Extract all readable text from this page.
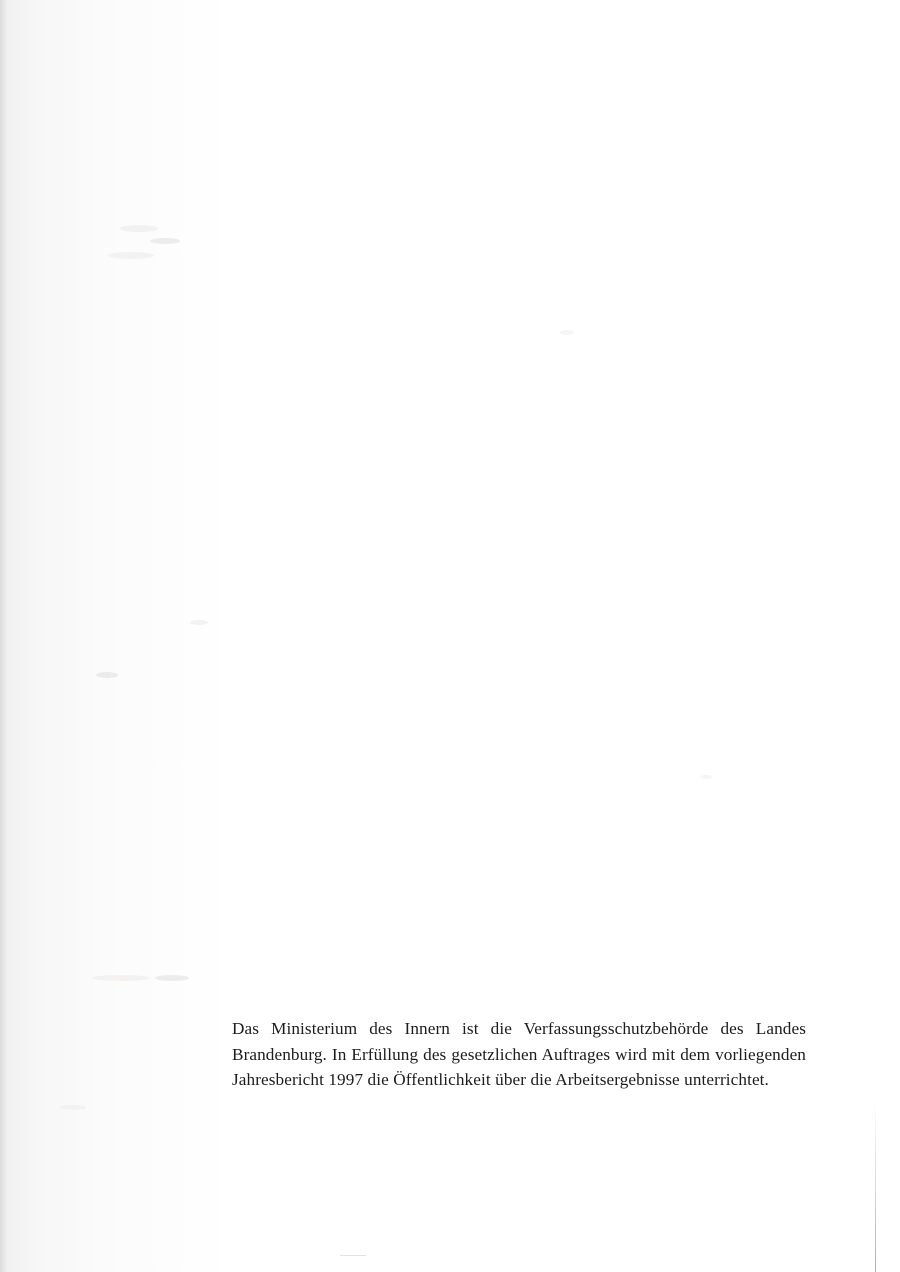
Das Ministerium des Innern ist die Verfassungsschutzbehörde des Landes Brandenburg. In Erfüllung des gesetzlichen Auftrages wird mit dem vorliegenden Jahresbericht 1997 die Öffentlichkeit über die Arbeitsergebnisse unterrichtet.
